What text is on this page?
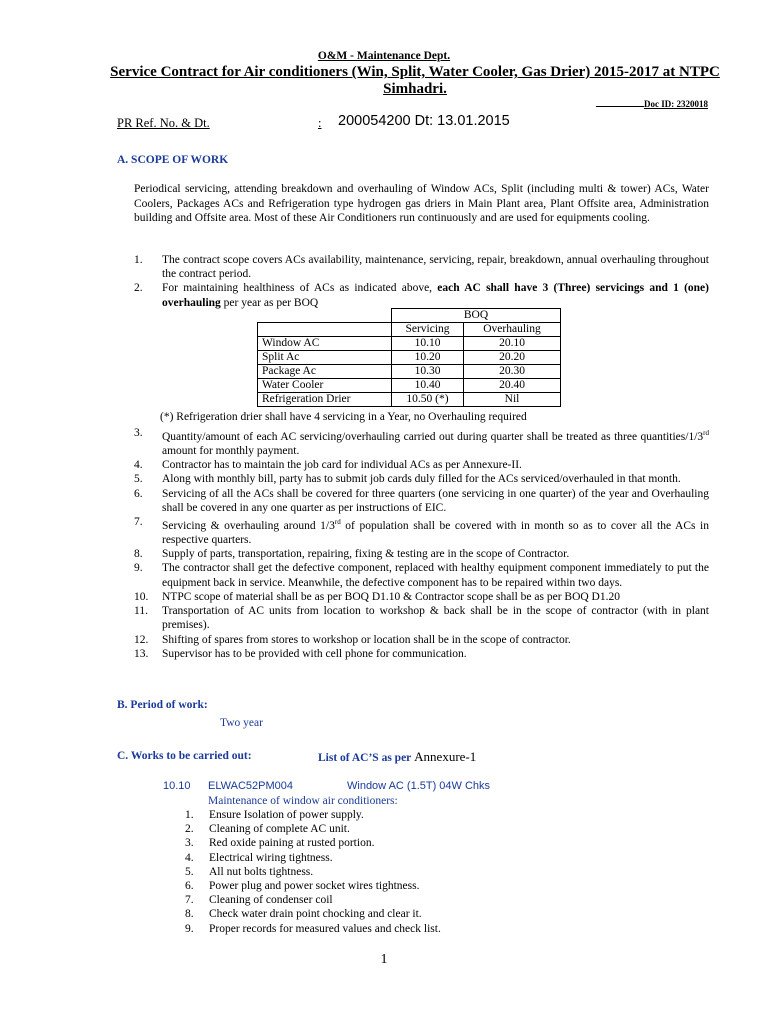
O&M - Maintenance Dept.
Service Contract for Air conditioners (Win, Split, Water Cooler, Gas Drier) 2015-2017 at NTPC Simhadri.
Doc ID: 2320018
PR Ref. No. & Dt.	: 200054200 Dt: 13.01.2015
A. SCOPE OF WORK
Periodical servicing, attending breakdown and overhauling of Window ACs, Split (including multi & tower) ACs, Water Coolers, Packages ACs and Refrigeration type hydrogen gas driers in Main Plant area, Plant Offsite area, Administration building and Offsite area. Most of these Air Conditioners run continuously and are used for equipments cooling.
1. The contract scope covers ACs availability, maintenance, servicing, repair, breakdown, annual overhauling throughout the contract period.
2. For maintaining healthiness of ACs as indicated above, each AC shall have 3 (Three) servicings and 1 (one) overhauling per year as per BOQ
	BOQ	
	Servicing	Overhauling
Window AC	10.10	20.10
Split Ac	10.20	20.20
Package Ac	10.30	20.30
Water Cooler	10.40	20.40
Refrigeration Drier	10.50 (*)	Nil
(*) Refrigeration drier shall have 4 servicing in a Year, no Overhauling required
3. Quantity/amount of each AC servicing/overhauling carried out during quarter shall be treated as three quantities/1/3rd amount for monthly payment.
4. Contractor has to maintain the job card for individual ACs as per Annexure-II.
5. Along with monthly bill, party has to submit job cards duly filled for the ACs serviced/overhauled in that month.
6. Servicing of all the ACs shall be covered for three quarters (one servicing in one quarter) of the year and Overhauling shall be covered in any one quarter as per instructions of EIC.
7. Servicing & overhauling around 1/3rd of population shall be covered with in month so as to cover all the ACs in respective quarters.
8. Supply of parts, transportation, repairing, fixing & testing are in the scope of Contractor.
9. The contractor shall get the defective component, replaced with healthy equipment component immediately to put the equipment back in service. Meanwhile, the defective component has to be repaired within two days.
10. NTPC scope of material shall be as per BOQ D1.10 & Contractor scope shall be as per BOQ D1.20
11. Transportation of AC units from location to workshop & back shall be in the scope of contractor (with in plant premises).
12. Shifting of spares from stores to workshop or location shall be in the scope of contractor.
13. Supervisor has to be provided with cell phone for communication.
B. Period of work:
Two year
C. Works to be carried out:	List of AC’S as per Annexure-1
10.10 ELWAC52PM004	Window AC (1.5T) 04W Chks
Maintenance of window air conditioners:
1. Ensure Isolation of power supply.
2. Cleaning of complete AC unit.
3. Red oxide paining at rusted portion.
4. Electrical wiring tightness.
5. All nut bolts tightness.
6. Power plug and power socket wires tightness.
7. Cleaning of condenser coil
8. Check water drain point chocking and clear it.
9. Proper records for measured values and check list.
1
